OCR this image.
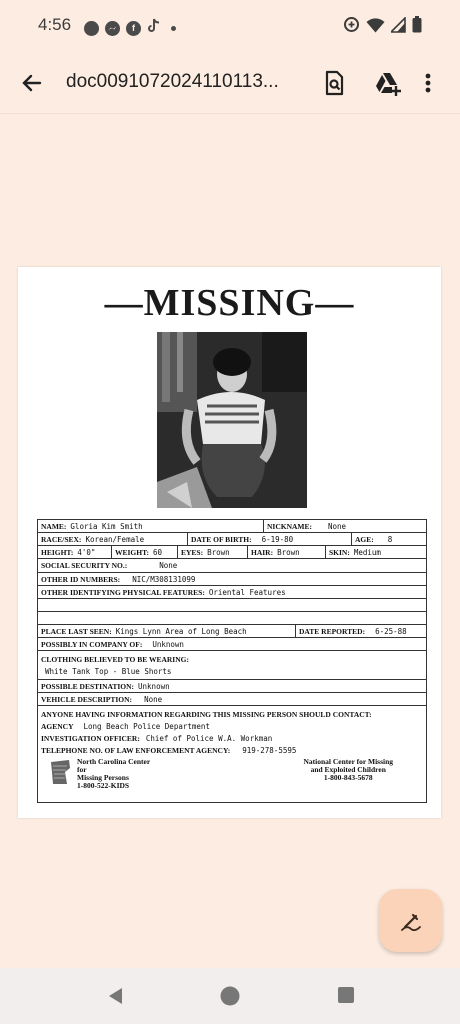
4:56	f
doc0091072024110113...
—MISSING—
NAME: Gloria Kim Smith	NICKNAME: None
RACE/SEX: Korean/Female	DATE OF BIRTH: 6-19-80	AGE: 8
HEIGHT: 4'0"	WEIGHT: 60	EYES: Brown	HAIR: Brown	SKIN: Medium
SOCIAL SECURITY NO.:	None
OTHER ID NUMBERS: NIC/M308131099
OTHER IDENTIFYING PHYSICAL FEATURES: Oriental Features
PLACE LAST SEEN: Kings Lynn Area of Long Beach	DATE REPORTED: 6-25-88
POSSIBLY IN COMPANY OF: Unknown
CLOTHING BELIEVED TO BE WEARING:
White Tank Top - Blue Shorts
POSSIBLE DESTINATION: Unknown
VEHICLE DESCRIPTION: None
ANYONE HAVING INFORMATION REGARDING THIS MISSING PERSON SHOULD CONTACT:
AGENCY Long Beach Police Department
INVESTIGATION OFFICER: Chief of Police W.A. Workman
TELEPHONE NO. OF LAW ENFORCEMENT AGENCY: 919-278-5595
North Carolina Center
for
Missing Persons
1-800-522-KIDS
National Center for Missing
and Exploited Children
1-800-843-5678
